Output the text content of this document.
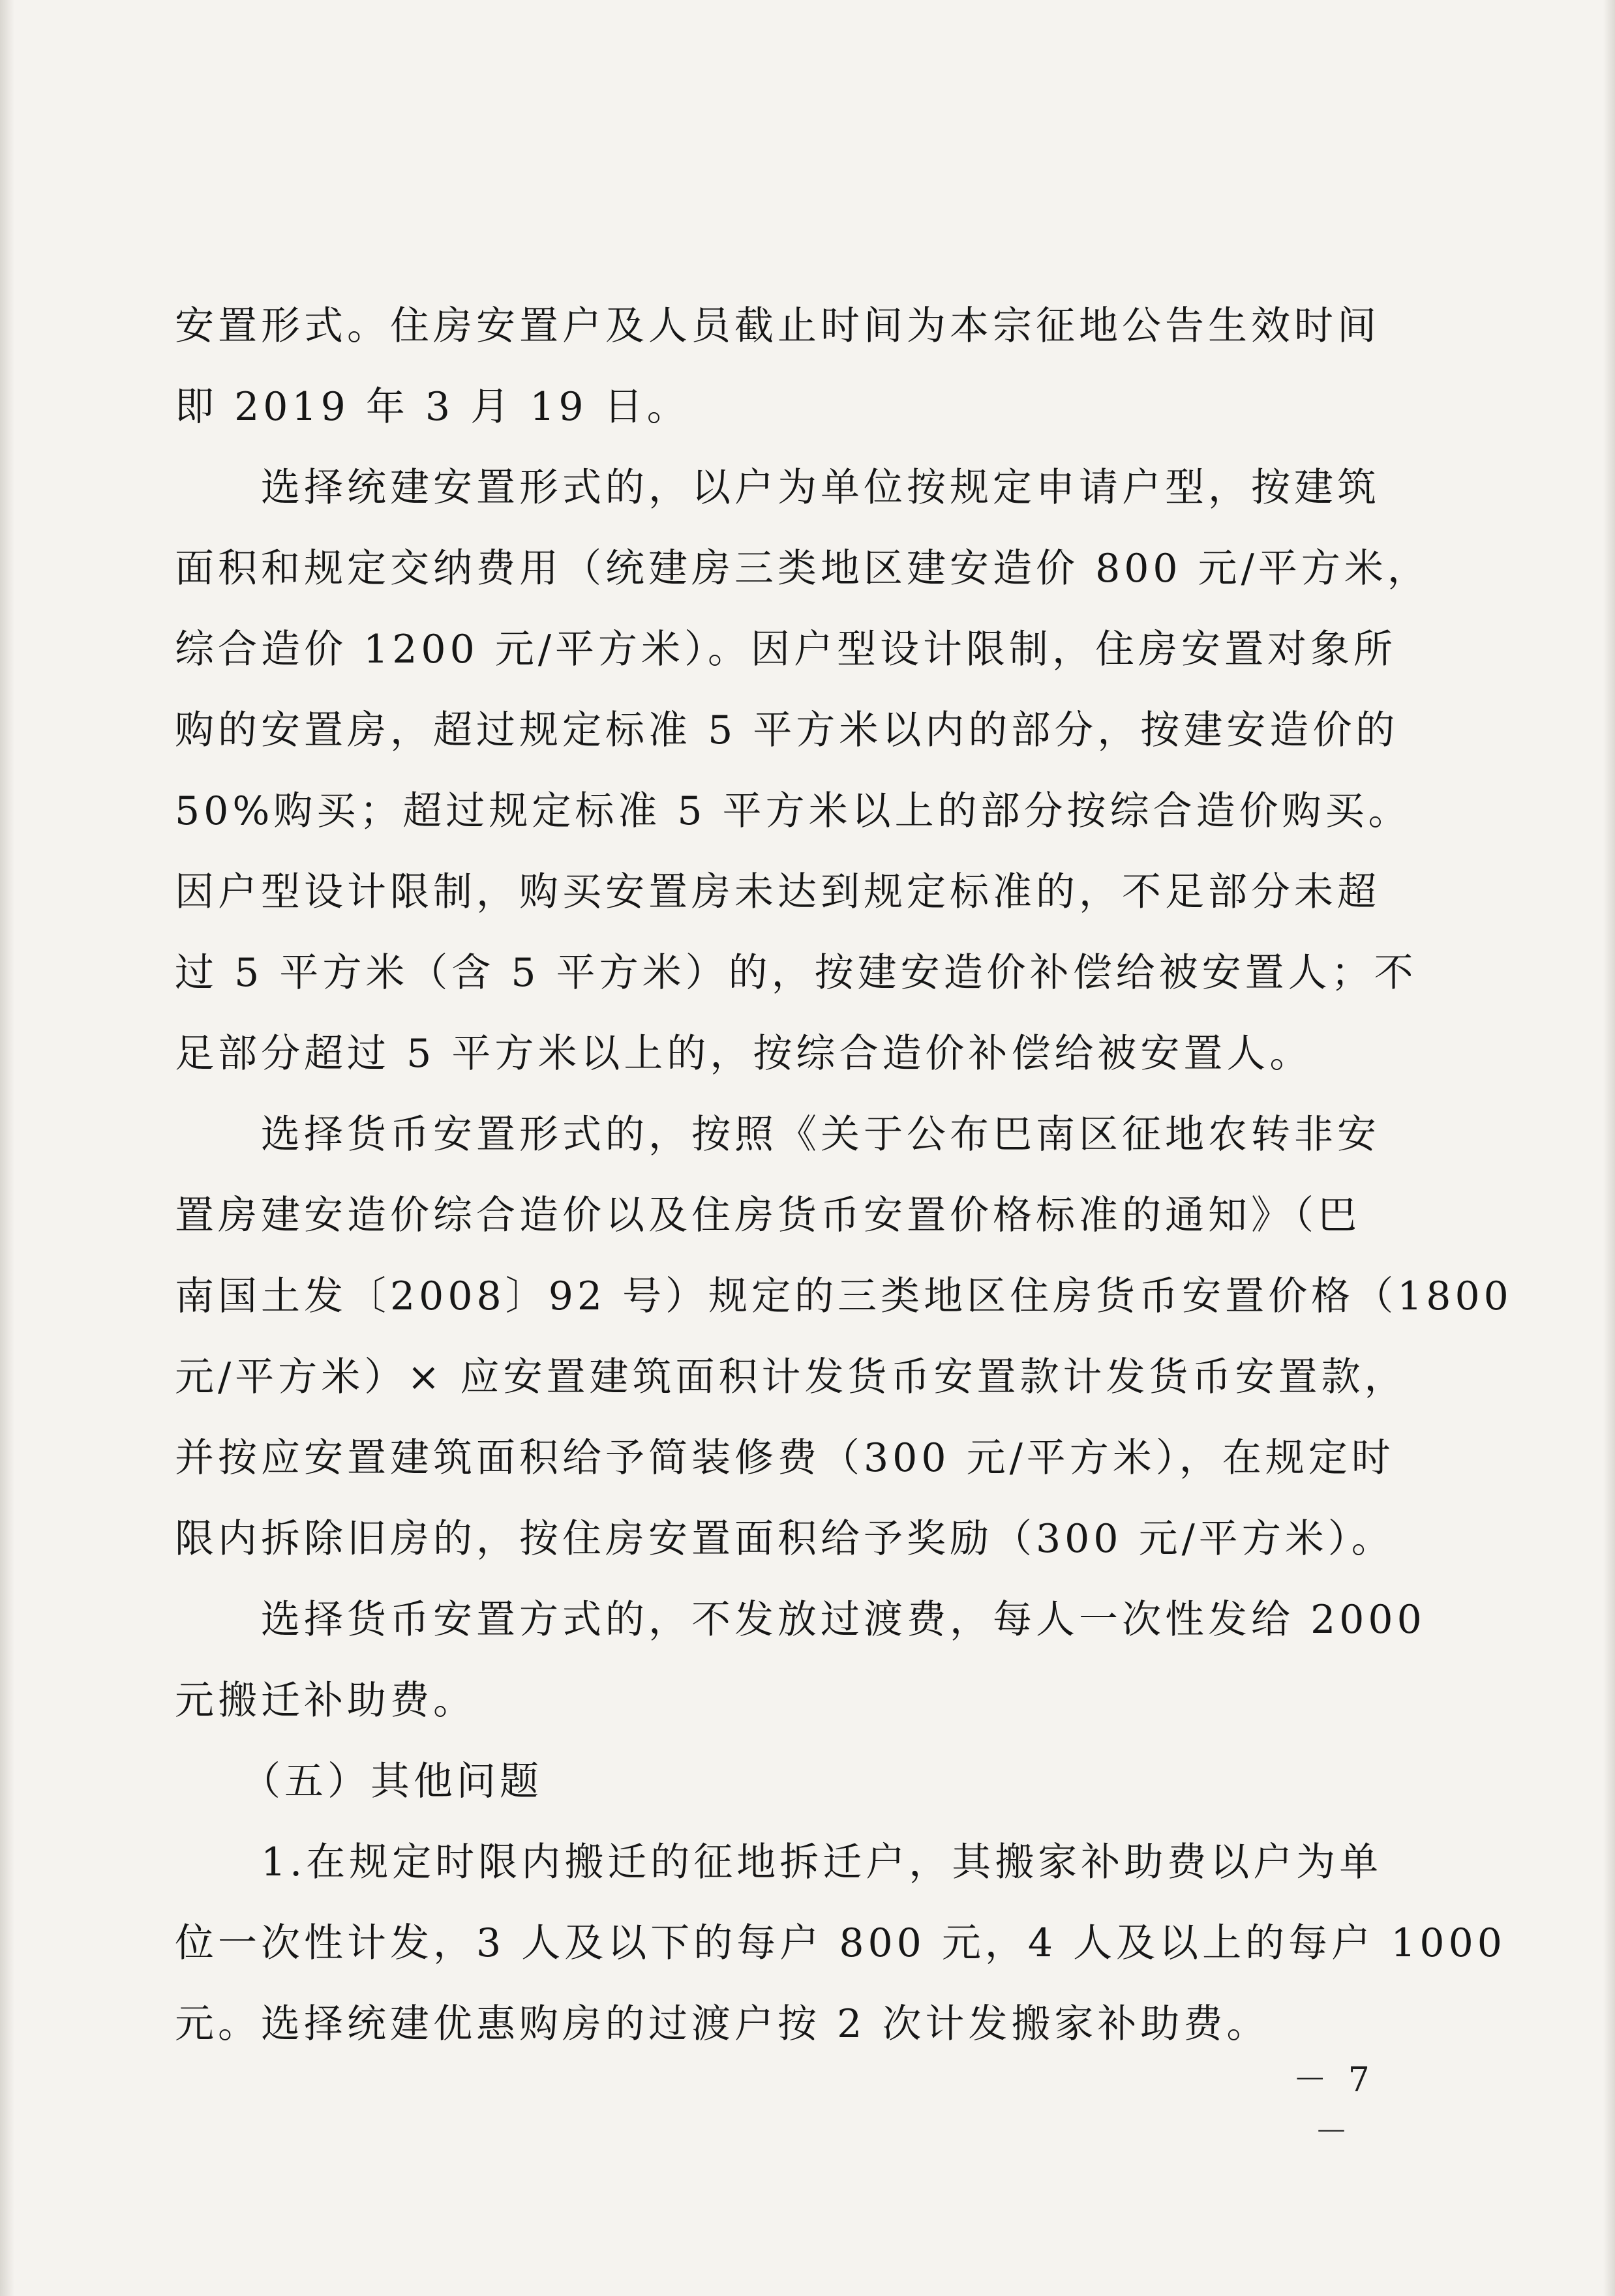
安置形式。住房安置户及人员截止时间为本宗征地公告生效时间
即 2019 年 3 月 19 日。
　　选择统建安置形式的，以户为单位按规定申请户型，按建筑
面积和规定交纳费用（统建房三类地区建安造价 800 元/平方米，
综合造价 1200 元/平方米）。因户型设计限制，住房安置对象所
购的安置房，超过规定标准 5 平方米以内的部分，按建安造价的
50%购买；超过规定标准 5 平方米以上的部分按综合造价购买。
因户型设计限制，购买安置房未达到规定标准的，不足部分未超
过 5 平方米（含 5 平方米）的，按建安造价补偿给被安置人；不
足部分超过 5 平方米以上的，按综合造价补偿给被安置人。
　　选择货币安置形式的，按照《关于公布巴南区征地农转非安
置房建安造价综合造价以及住房货币安置价格标准的通知》（巴
南国土发〔2008〕92 号）规定的三类地区住房货币安置价格（1800
元/平方米）× 应安置建筑面积计发货币安置款计发货币安置款，
并按应安置建筑面积给予简装修费（300 元/平方米），在规定时
限内拆除旧房的，按住房安置面积给予奖励（300 元/平方米）。
　　选择货币安置方式的，不发放过渡费，每人一次性发给 2000
元搬迁补助费。
　　（五）其他问题
　　1.在规定时限内搬迁的征地拆迁户，其搬家补助费以户为单
位一次性计发，3 人及以下的每户 800 元，4 人及以上的每户 1000
元。选择统建优惠购房的过渡户按 2 次计发搬家补助费。
－ 7 －
